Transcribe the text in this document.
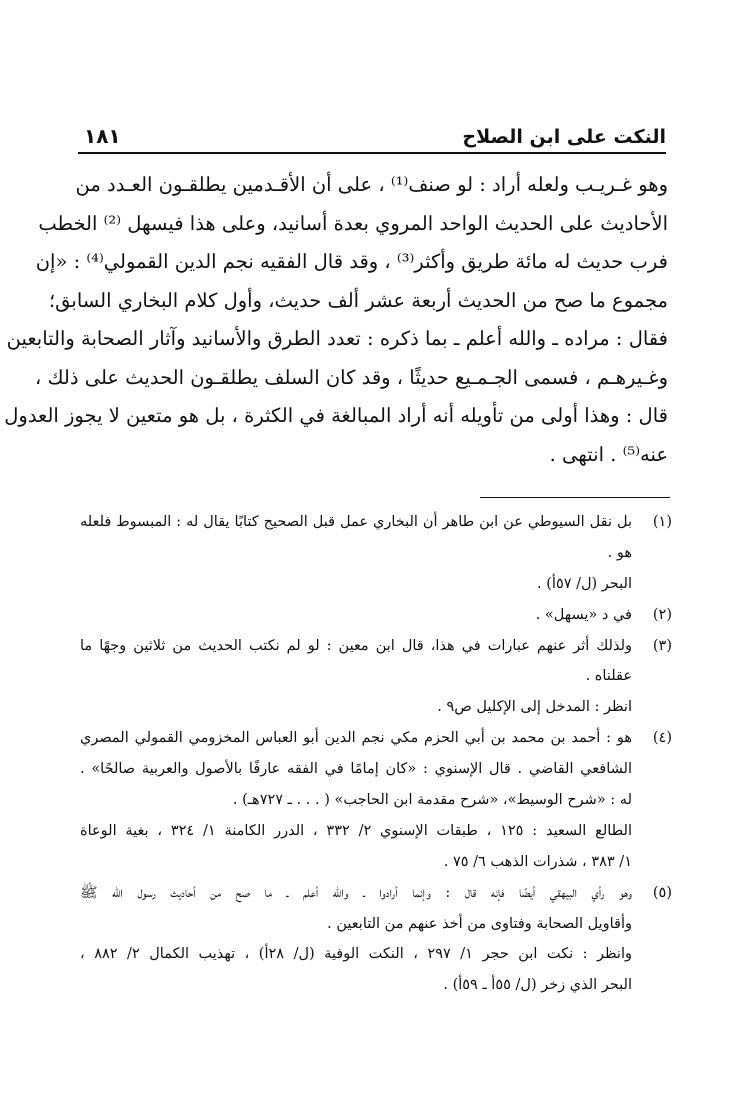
النكت على ابن الصلاح
١٨١
وهو غـريـب ولعله أراد : لو صنف⁽¹⁾ ، على أن الأقـدمين يطلقـون العـدد من
الأحاديث على الحديث الواحد المروي بعدة أسانيد، وعلى هذا فيسهل ⁽²⁾ الخطب
فرب حديث له مائة طريق وأكثر⁽³⁾ ، وقد قال الفقيه نجم الدين القمولي⁽⁴⁾ : «إن
مجموع ما صح من الحديث أربعة عشر ألف حديث، وأول كلام البخاري السابق؛
فقال : مراده ـ والله أعلم ـ بما ذكره : تعدد الطرق والأسانيد وآثار الصحابة والتابعين
وغـيرهـم ، فسمى الجـمـيع حديثًا ، وقد كان السلف يطلقـون الحديث على ذلك ،
قال : وهذا أولى من تأويله أنه أراد المبالغة في الكثرة ، بل هو متعين لا يجوز العدول
عنه⁽⁵⁾ . انتهى .
(١)
بل نقل السيوطي عن ابن طاهر أن البخاري عمل قبل الصحيح كتابًا يقال له : المبسوط فلعله
هو .
البحر (ل/ ٥٧أ) .
(٢)
في د «يسهل» .
(٣)
ولذلك أثر عنهم عبارات في هذا، قال ابن معين : لو لم نكتب الحديث من ثلاثين وجهًا ما
عقلناه .
انظر : المدخل إلى الإكليل ص٩ .
(٤)
هو : أحمد بن محمد بن أبي الحزم مكي نجم الدين أبو العباس المخزومي القمولي المصري
الشافعي القاضي . قال الإسنوي : «كان إمامًا في الفقه عارفًا بالأصول والعربية صالحًا» .
له : «شرح الوسيط»، «شرح مقدمة ابن الحاجب» ( . . . ـ ٧٢٧هـ) .
الطالع السعيد : ١٢٥ ، طبقات الإسنوي ٢/ ٣٣٢ ، الدرر الكامنة ١/ ٣٢٤ ، بغية الوعاة
١/ ٣٨٣ ، شذرات الذهب ٦/ ٧٥ .
(٥)
وهو رأي البيهقي أيضًا فإنه قال : وإنما أرادوا ـ والله أعلم ـ ما صح من أحاديث رسول الله ﷺ
وأقاويل الصحابة وفتاوى من أخذ عنهم من التابعين .
وانظر : نكت ابن حجر ١/ ٢٩٧ ، النكت الوفية (ل/ ٢٨أ) ، تهذيب الكمال ٢/ ٨٨٢ ،
البحر الذي زخر (ل/ ٥٥أ ـ ٥٩أ) .
